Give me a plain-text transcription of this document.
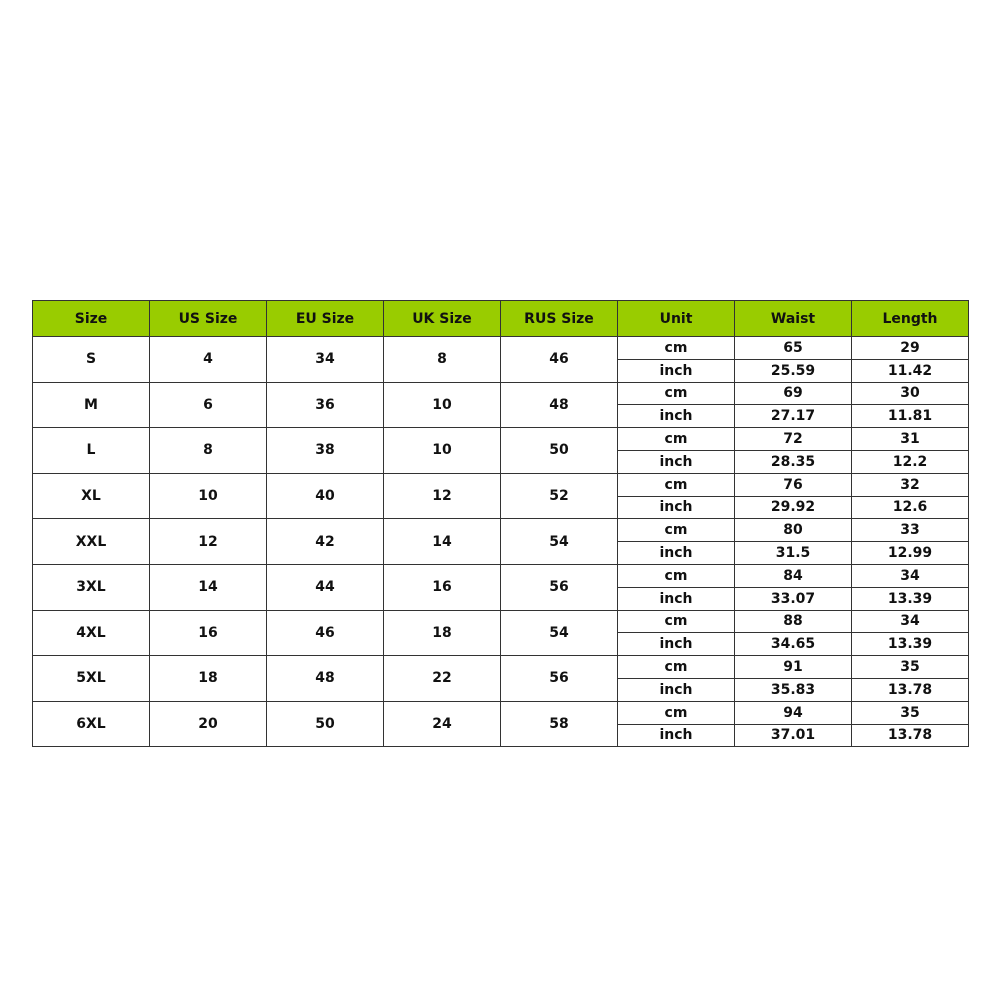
Size	US Size	EU Size	UK Size	RUS Size	Unit	Waist	Length
S	4	34	8	46	cm	65	29
					inch	25.59	11.42
M	6	36	10	48	cm	69	30
					inch	27.17	11.81
L	8	38	10	50	cm	72	31
					inch	28.35	12.2
XL	10	40	12	52	cm	76	32
					inch	29.92	12.6
XXL	12	42	14	54	cm	80	33
					inch	31.5	12.99
3XL	14	44	16	56	cm	84	34
					inch	33.07	13.39
4XL	16	46	18	54	cm	88	34
					inch	34.65	13.39
5XL	18	48	22	56	cm	91	35
					inch	35.83	13.78
6XL	20	50	24	58	cm	94	35
					inch	37.01	13.78
